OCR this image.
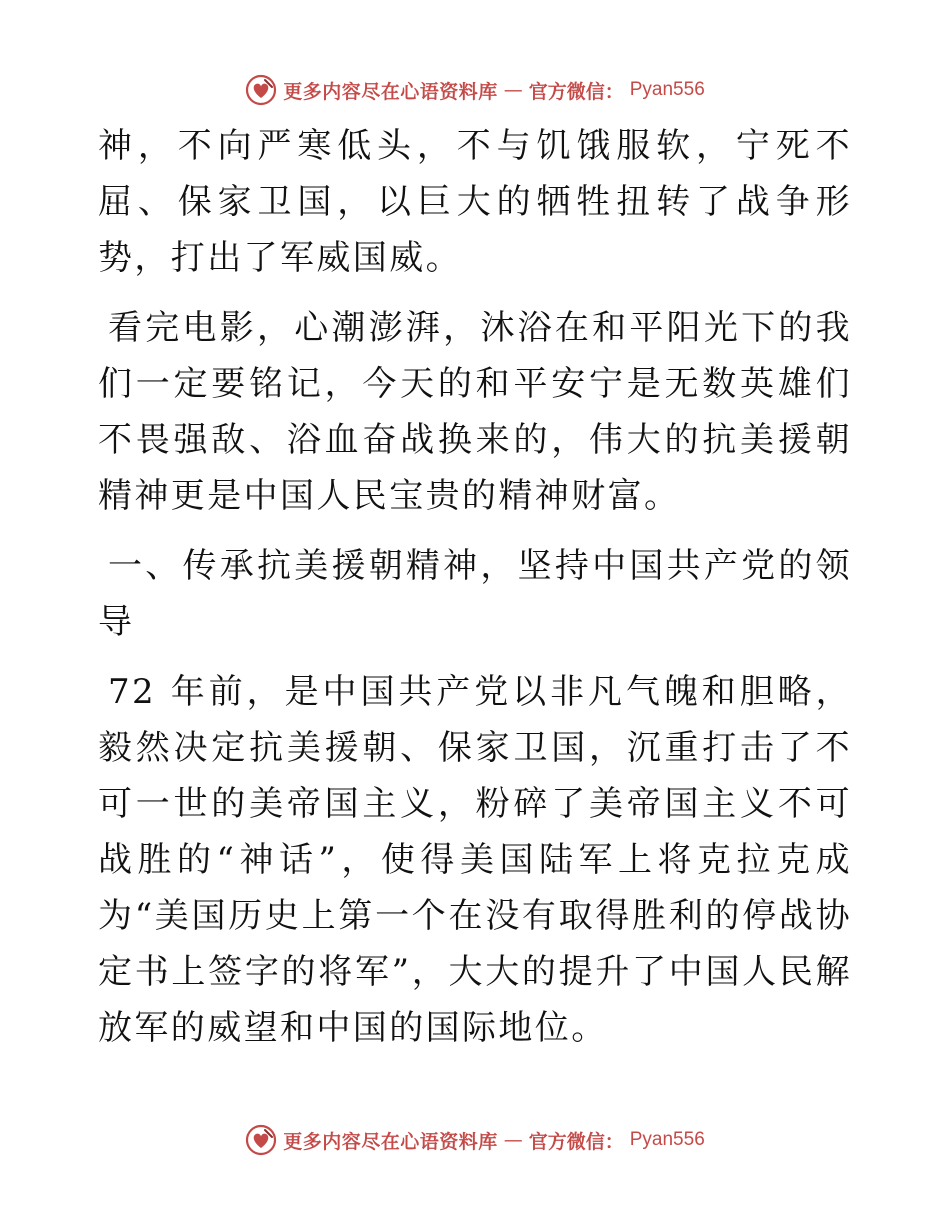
更多内容尽在心语资料库 — 官方微信： Pyan556

神，不向严寒低头，不与饥饿服软，宁死不屈、保家卫国，以巨大的牺牲扭转了战争形势，打出了军威国威。

看完电影，心潮澎湃，沐浴在和平阳光下的我们一定要铭记，今天的和平安宁是无数英雄们不畏强敌、浴血奋战换来的，伟大的抗美援朝精神更是中国人民宝贵的精神财富。

一、传承抗美援朝精神，坚持中国共产党的领导

72 年前，是中国共产党以非凡气魄和胆略，毅然决定抗美援朝、保家卫国，沉重打击了不可一世的美帝国主义，粉碎了美帝国主义不可战胜的“神话”，使得美国陆军上将克拉克成为“美国历史上第一个在没有取得胜利的停战协定书上签字的将军”，大大的提升了中国人民解放军的威望和中国的国际地位。

更多内容尽在心语资料库 — 官方微信： Pyan556
